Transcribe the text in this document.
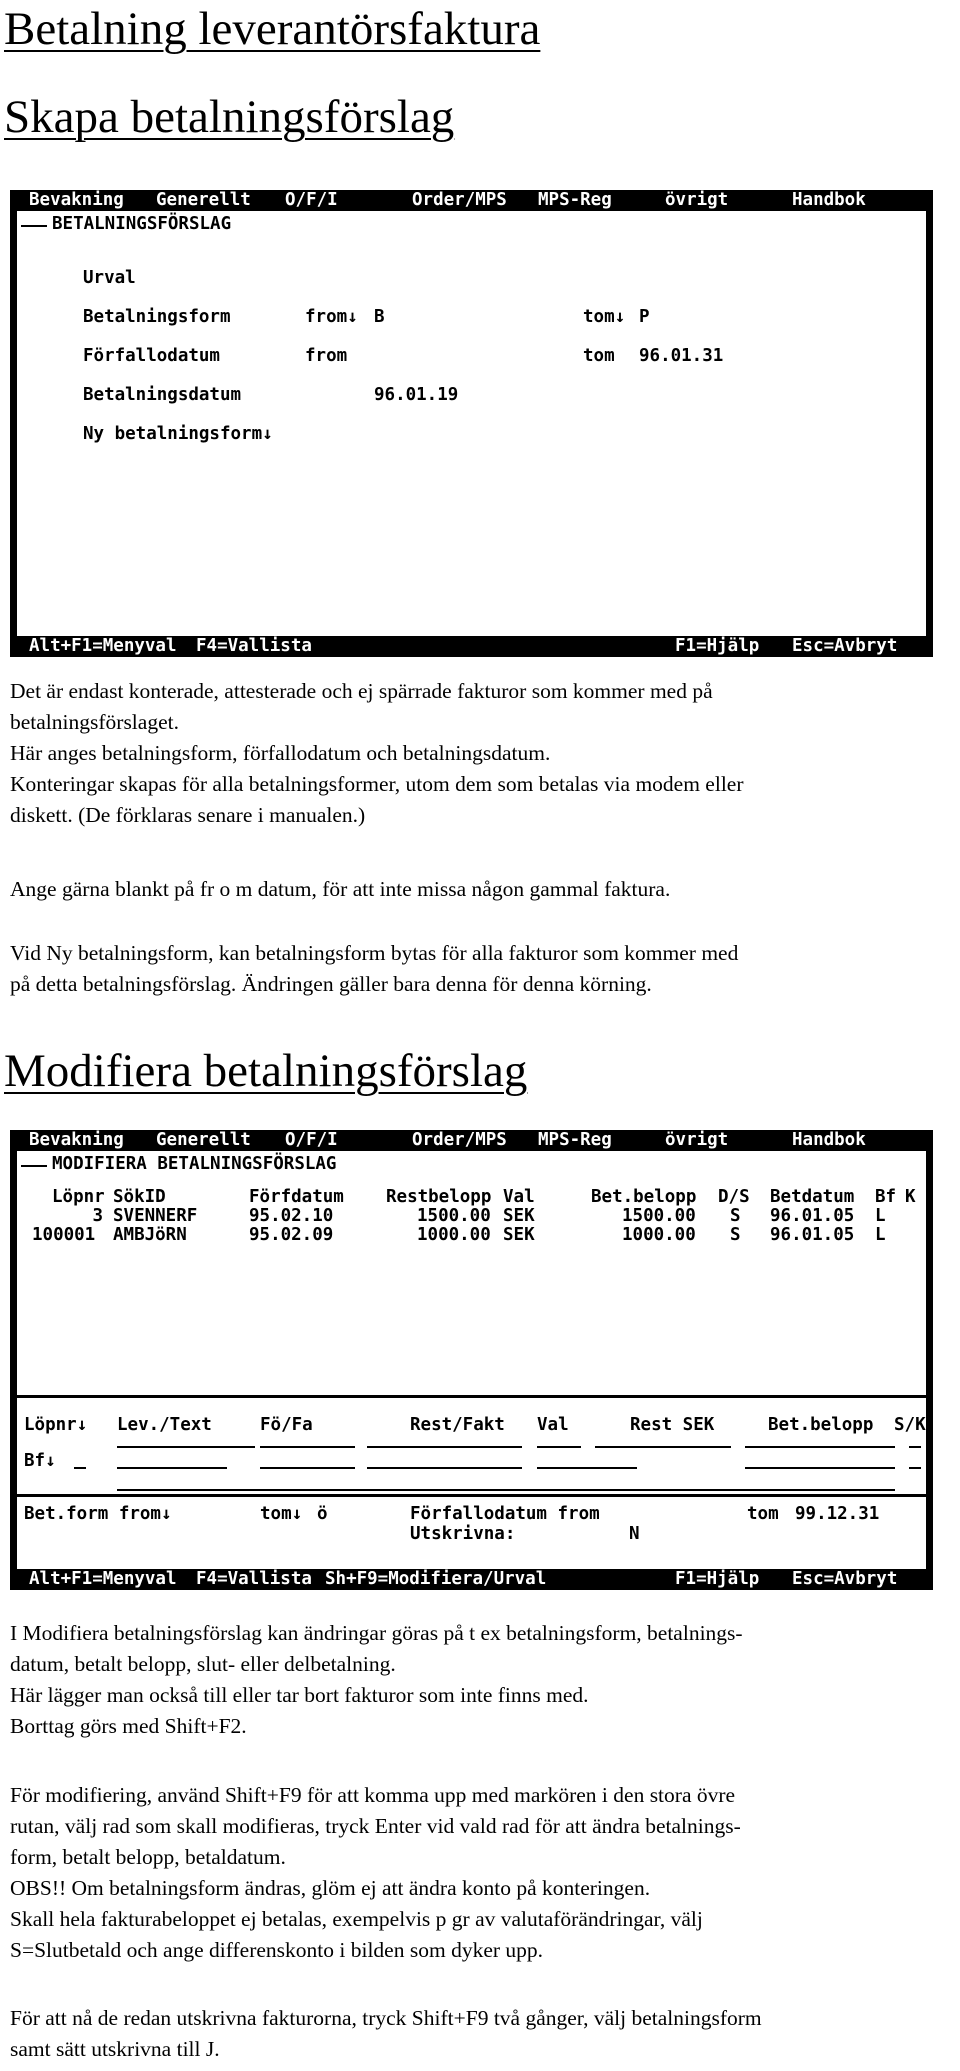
Betalning leverantörsfaktura
Skapa betalningsförslag
Bevakning Generellt O/F/I	Order/MPS MPS-Reg	övrigt	Handbok
BETALNINGSFÖRSLAG
Urval
Betalningsform	from↓ B	tom↓ P
Förfallodatum	from	tom 96.01.31
Betalningsdatum	96.01.19
Ny betalningsform↓
Alt+F1=Menyval F4=Vallista	F1=Hjälp Esc=Avbryt

Det är endast konterade, attesterade och ej spärrade fakturor som kommer med på
betalningsförslaget.
Här anges betalningsform, förfallodatum och betalningsdatum.
Konteringar skapas för alla betalningsformer, utom dem som betalas via modem eller
diskett. (De förklaras senare i manualen.)

Ange gärna blankt på fr o m datum, för att inte missa någon gammal faktura.

Vid Ny betalningsform, kan betalningsform bytas för alla fakturor som kommer med
på detta betalningsförslag. Ändringen gäller bara denna för denna körning.

Modifiera betalningsförslag
Bevakning Generellt O/F/I	Order/MPS MPS-Reg	övrigt	Handbok
MODIFIERA BETALNINGSFÖRSLAG
Löpnr SökID	Förfdatum Restbelopp Val	Bet.belopp D/S Betdatum Bf K
3 SVENNERF	95.02.10	1500.00 SEK	1500.00 S 96.01.05 L
100001 AMBJöRN	95.02.09	1000.00 SEK	1000.00 S 96.01.05 L
Löpnr↓ Lev./Text	Fö/Fa	Rest/Fakt Val	Rest SEK	Bet.belopp S/K
Bf↓
Bet.form from↓	tom↓ ö	Förfallodatum from	tom 99.12.31
Utskrivna:	N
Alt+F1=Menyval F4=Vallista Sh+F9=Modifiera/Urval	F1=Hjälp Esc=Avbryt

I Modifiera betalningsförslag kan ändringar göras på t ex betalningsform, betalnings-
datum, betalt belopp, slut- eller delbetalning.
Här lägger man också till eller tar bort fakturor som inte finns med.
Borttag görs med Shift+F2.

För modifiering, använd Shift+F9 för att komma upp med markören i den stora övre
rutan, välj rad som skall modifieras, tryck Enter vid vald rad för att ändra betalnings-
form, betalt belopp, betaldatum.
OBS!! Om betalningsform ändras, glöm ej att ändra konto på konteringen.
Skall hela fakturabeloppet ej betalas, exempelvis p gr av valutaförändringar, välj
S=Slutbetald och ange differenskonto i bilden som dyker upp.

För att nå de redan utskrivna fakturorna, tryck Shift+F9 två gånger, välj betalningsform
samt sätt utskrivna till J.
